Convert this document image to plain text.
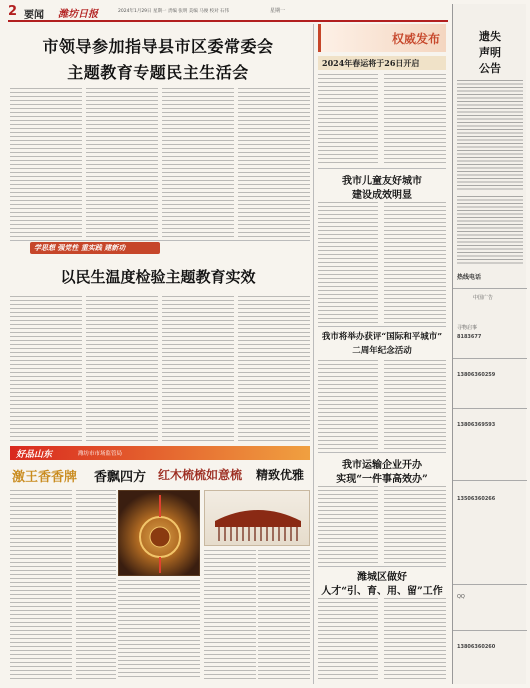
2 要闻 潍坊日报	2024年1月29日 星期一 责编 张明 美编 马俊 校对 石伟	星期一
市领导参加指导县市区委常委会
主题教育专题民主生活会
权威发布
2024年春运将于26日开启
我市儿童友好城市
建设成效明显
学思想 强党性 重实践 建新功
以民生温度检验主题教育实效
我市将举办获评“国际和平城市”
二周年纪念活动
好品山东	潍坊市市场监管局
激王香香牌 香飘四方 红木梳梳如意梳 精致优雅
我市运输企业开办
实现“一件事高效办”
潍城区做好
人才“引、育、用、留”工作
遗失
声明
公告
热线电话
中国广告
寻物启事
8183677
13806360259
13806369593
13506360266
QQ
13806360260
